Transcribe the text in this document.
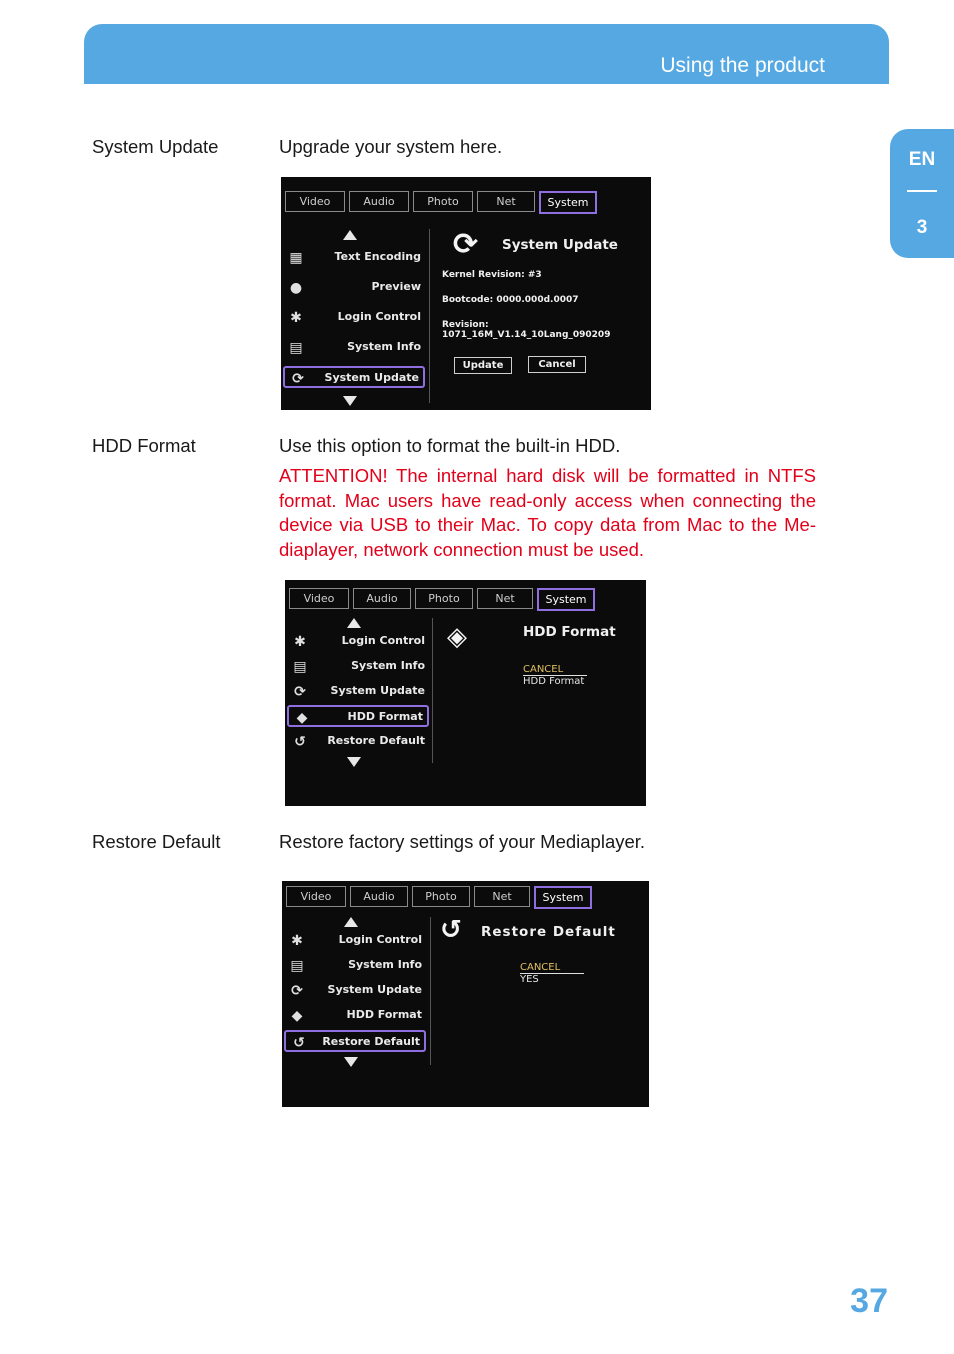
Using the product
EN
3
System Update	Upgrade your system here.
Video	Audio	Photo	Net	System
▦	Text Encoding
●	Preview
✱	Login Control
▤	System Info
⟳ System Update
⟳ System Update
Kernel Revision: #3
Bootcode: 0000.000d.0007
Revision: 1071_16M_V1.14_10Lang_090209
Update	Cancel
HDD Format	Use this option to format the built-in HDD.
ATTENTION! The internal hard disk will be formatted in NTFS format. Mac users have read-only access when connecting the device via USB to their Mac. To copy data from Mac to the Me-diaplayer, network connection must be used.
Video	Audio	Photo	Net	System
✱	Login Control
▤	System Info
⟳ System Update
◆	HDD Format
↺ Restore Default
◈	HDD Format
CANCEL
HDD Format
Restore Default	Restore factory settings of your Mediaplayer.
Video	Audio	Photo	Net	System
✱	Login Control
▤	System Info
⟳ System Update
◆	HDD Format
↺ Restore Default
↺ Restore Default
CANCEL
YES
37
